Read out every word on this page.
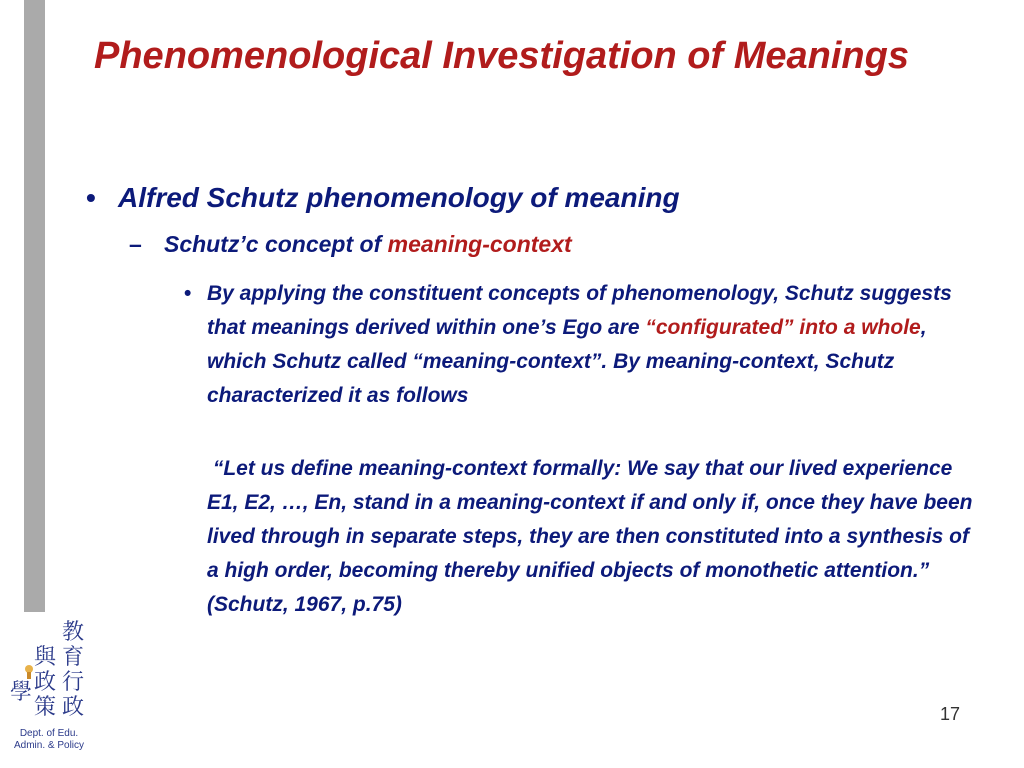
Phenomenological Investigation of Meanings
• Alfred Schutz phenomenology of meaning
– Schutz’c concept of meaning-context
• By applying the constituent concepts of phenomenology, Schutz suggests that meanings derived within one’s Ego are “configurated” into a whole, which Schutz called “meaning-context”. By meaning-context, Schutz characterized it as follows

“Let us define meaning-context formally: We say that our lived experience E1, E2, …, En, stand in a meaning-context if and only if, once they have been lived through in separate steps, they are then constituted into a synthesis of a high order, becoming thereby unified objects of monothetic attention.” (Schutz, 1967, p.75)

教
育
與
政 行
學
策 政
Dept. of Edu.
Admin. & Policy
17
